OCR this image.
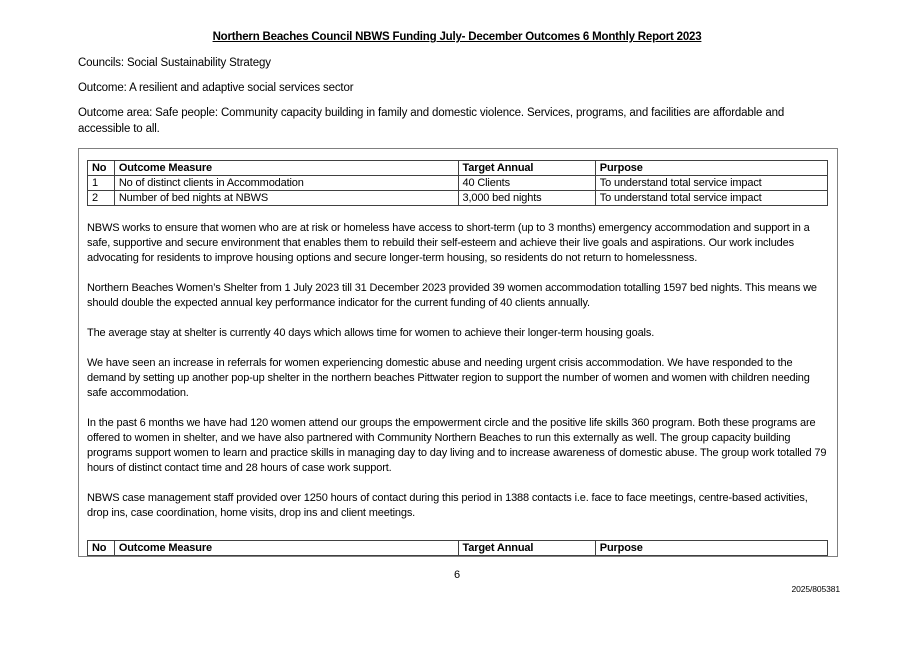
Northern Beaches Council NBWS Funding July- December Outcomes 6 Monthly Report 2023
Councils: Social Sustainability Strategy
Outcome: A resilient and adaptive social services sector
Outcome area: Safe people: Community capacity building in family and domestic violence. Services, programs, and facilities are affordable and accessible to all.
No	Outcome Measure	Target Annual	Purpose
1	No of distinct clients in Accommodation	40 Clients	To understand total service impact
2	Number of bed nights at NBWS	3,000 bed nights	To understand total service impact

NBWS works to ensure that women who are at risk or homeless have access to short-term (up to 3 months) emergency accommodation and support in a safe, supportive and secure environment that enables them to rebuild their self-esteem and achieve their live goals and aspirations. Our work includes advocating for residents to improve housing options and secure longer-term housing, so residents do not return to homelessness.

Northern Beaches Women’s Shelter from 1 July 2023 till 31 December 2023 provided 39 women accommodation totalling 1597 bed nights. This means we should double the expected annual key performance indicator for the current funding of 40 clients annually.

The average stay at shelter is currently 40 days which allows time for women to achieve their longer-term housing goals.

We have seen an increase in referrals for women experiencing domestic abuse and needing urgent crisis accommodation. We have responded to the demand by setting up another pop-up shelter in the northern beaches Pittwater region to support the number of women and women with children needing safe accommodation.

In the past 6 months we have had 120 women attend our groups the empowerment circle and the positive life skills 360 program. Both these programs are offered to women in shelter, and we have also partnered with Community Northern Beaches to run this externally as well. The group capacity building programs support women to learn and practice skills in managing day to day living and to increase awareness of domestic abuse. The group work totalled 79 hours of distinct contact time and 28 hours of case work support.

NBWS case management staff provided over 1250 hours of contact during this period in 1388 contacts i.e. face to face meetings, centre-based activities, drop ins, case coordination, home visits, drop ins and client meetings.

No	Outcome Measure	Target Annual	Purpose
6
2025/805381
